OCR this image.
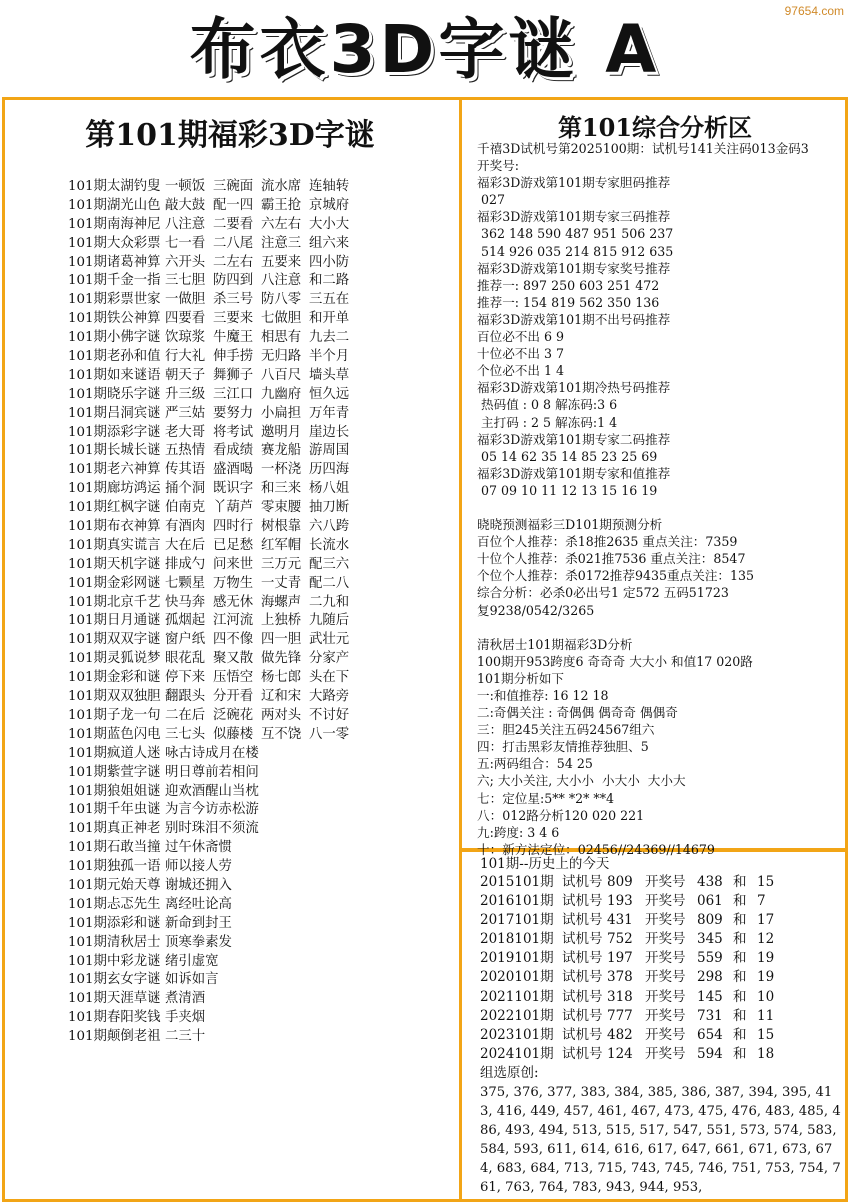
97654.com
布衣3D字谜 A
第101期福彩3D字谜
101期太湖钓叟 一顿饭 三碗面 流水席 连轴转
101期湖光山色 敲大鼓 配一四 霸王抢 京城府
101期南海神尼 八注意 二要看 六左右 大小大
101期大众彩票 七一看 二八尾 注意三 组六来
101期诸葛神算 六开头 二左右 五要来 四小防
101期千金一指 三七胆 防四到 八注意 和二路
101期彩票世家 一做胆 杀三号 防八零 三五在
101期铁公神算 四要看 三要来 七做胆 和开单
101期小佛字谜 饮琼浆 牛魔王 相思有 九去二
101期老孙和值 行大礼 伸手捞 无归路 半个月
101期如来谜语 朝天子 舞狮子 八百尺 墙头草
101期晓乐字谜 升三级 三江口 九幽府 恒久远
101期吕洞宾谜 严三姑 要努力 小扁担 万年青
101期添彩字谜 老大哥 将考试 邀明月 崖边长
101期长城长谜 五热情 看成绩 赛龙船 游周国
101期老六神算 传其语 盛酒喝 一杯浇 历四海
101期廊坊鸿运 捅个洞 既识字 和三来 杨八姐
101期红枫字谜 伯南克 丫葫芦 零束腰 抽刀断
101期布衣神算 有酒肉 四时行 树根靠 六八跨
101期真实谎言 大在后 已足愁 红军帽 长流水
101期天机字谜 排成勺 问来世 三万元 配三六
101期金彩网谜 七颗星 万物生 一丈青 配二八
101期北京千艺 快马奔 感无休 海螺声 二九和
101期日月通谜 孤烟起 江河流 上独桥 九随后
101期双双字谜 窗户纸 四不像 四一胆 武壮元
101期灵狐说梦 眼花乱 聚又散 做先锋 分家产
101期金彩和谜 停下来 压悟空 杨七郎 头在下
101期双双独胆 翻跟头 分开看 辽和宋 大路旁
101期子龙一句 二在后 泛碗花 两对头 不讨好
101期蓝色闪电 三七头 似藤楼 互不饶 八一零
101期疯道人迷 咏古诗成月在楼
101期紫萱字谜 明日尊前若相问
101期狼姐姐谜 迎欢酒醒山当枕
101期千年虫谜 为言今访赤松游
101期真正神老 别时珠泪不须流
101期石敢当撞 过午休斋惯
101期独孤一语 师以接人劳
101期元始天尊 谢城还拥入
101期忐忑先生 离经吐论高
101期添彩和谜 新命到封王
101期清秋居士 顶寒拳素发
101期中彩龙谜 绪引虚宽
101期玄女字谜 如诉如言
101期天涯草谜 煮清酒
101期春阳奖钱 手夹烟
101期颠倒老祖 二三十
第101综合分析区
千禧3D试机号第2025100期：试机号141关注码013金码3
开奖号:
福彩3D游戏第101期专家胆码推荐
027
福彩3D游戏第101期专家三码推荐
362 148 590 487 951 506 237
514 926 035 214 815 912 635
福彩3D游戏第101期专家奖号推荐
推荐一: 897 250 603 251 472
推荐一: 154 819 562 350 136
福彩3D游戏第101期不出号码推荐
百位必不出 6 9
十位必不出 3 7
个位必不出 1 4
福彩3D游戏第101期冷热号码推荐
热码值 : 0 8 解冻码:3 6
主打码 : 2 5 解冻码:1 4
福彩3D游戏第101期专家二码推荐
05 14 62 35 14 85 23 25 69
福彩3D游戏第101期专家和值推荐
07 09 10 11 12 13 15 16 19
晓晓预测福彩三D101期预测分析
百位个人推荐：杀18推2635 重点关注：7359
十位个人推荐：杀021推7536 重点关注：8547
个位个人推荐：杀0172推荐9435重点关注：135
综合分析：必杀0必出号1 定572 五码51723
复9238/0542/3265
清秋居士101期福彩3D分析
100期开953跨度6 奇奇奇 大大小 和值17 020路
101期分析如下
一:和值推荐: 16 12 18
二:奇偶关注 : 奇偶偶 偶奇奇 偶偶奇
三：胆245关注五码24567组六
四：打击黑彩友情推荐独胆、5
五:两码组合：54 25
六; 大小关注, 大小小  小大小  大小大
七：定位星:5** *2* **4
八：012路分析120 020 221
九:跨度: 3 4 6
十：新方法定位：02456//24369//14679
101期--历史上的今天
2015101期 试机号 809 开奖号 438 和 15
2016101期 试机号 193 开奖号 061 和 7
2017101期 试机号 431 开奖号 809 和 17
2018101期 试机号 752 开奖号 345 和 12
2019101期 试机号 197 开奖号 559 和 19
2020101期 试机号 378 开奖号 298 和 19
2021101期 试机号 318 开奖号 145 和 10
2022101期 试机号 777 开奖号 731 和 11
2023101期 试机号 482 开奖号 654 和 15
2024101期 试机号 124 开奖号 594 和 18
组选原创:
375, 376, 377, 383, 384, 385, 386, 387, 394, 395, 413, 416, 449, 457, 461, 467, 473, 475, 476, 483, 485, 486, 493, 494, 513, 515, 517, 547, 551, 573, 574, 583, 584, 593, 611, 614, 616, 617, 647, 661, 671, 673, 674, 683, 684, 713, 715, 743, 745, 746, 751, 753, 754, 761, 763, 764, 783, 943, 944, 953,
